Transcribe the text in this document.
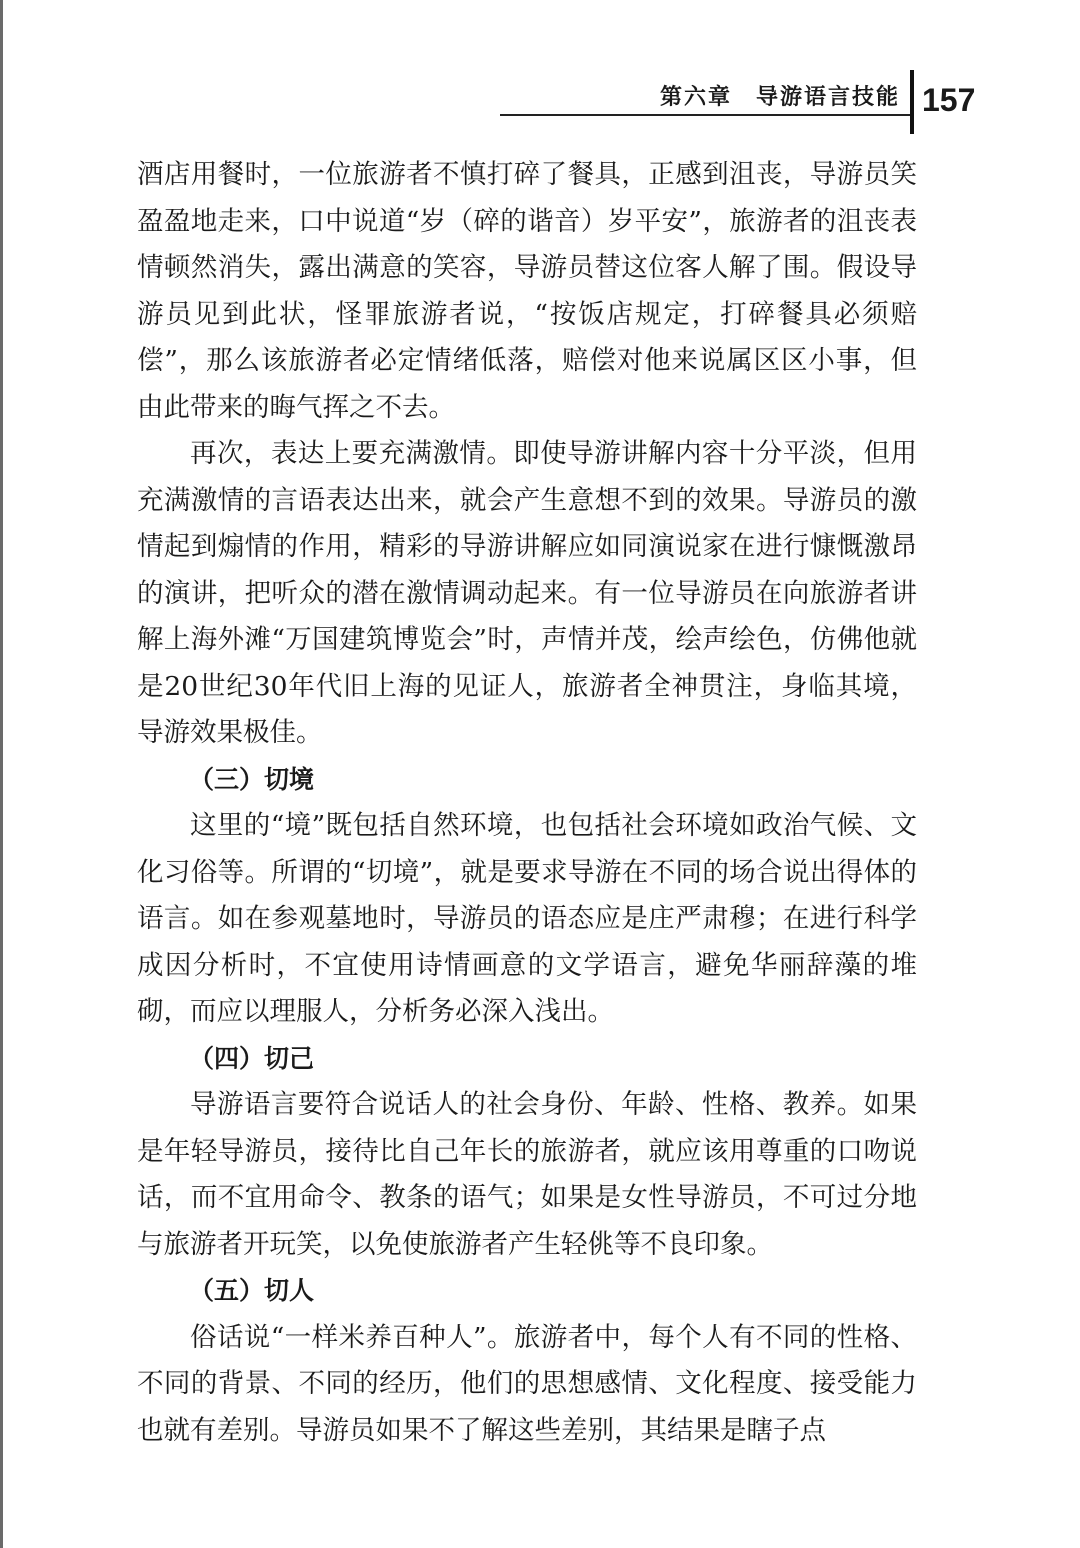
第六章　导游语言技能 157

酒店用餐时，一位旅游者不慎打碎了餐具，正感到沮丧，导游员笑盈盈地走来，口中说道“岁（碎的谐音）岁平安”，旅游者的沮丧表情顿然消失，露出满意的笑容，导游员替这位客人解了围。假设导游员见到此状，怪罪旅游者说，“按饭店规定，打碎餐具必须赔偿”，那么该旅游者必定情绪低落，赔偿对他来说属区区小事，但由此带来的晦气挥之不去。

再次，表达上要充满激情。即使导游讲解内容十分平淡，但用充满激情的言语表达出来，就会产生意想不到的效果。导游员的激情起到煽情的作用，精彩的导游讲解应如同演说家在进行慷慨激昂的演讲，把听众的潜在激情调动起来。有一位导游员在向旅游者讲解上海外滩“万国建筑博览会”时，声情并茂，绘声绘色，仿佛他就是20世纪30年代旧上海的见证人，旅游者全神贯注，身临其境，导游效果极佳。

（三）切境

这里的“境”既包括自然环境，也包括社会环境如政治气候、文化习俗等。所谓的“切境”，就是要求导游在不同的场合说出得体的语言。如在参观墓地时，导游员的语态应是庄严肃穆；在进行科学成因分析时，不宜使用诗情画意的文学语言，避免华丽辞藻的堆砌，而应以理服人，分析务必深入浅出。

（四）切己

导游语言要符合说话人的社会身份、年龄、性格、教养。如果是年轻导游员，接待比自己年长的旅游者，就应该用尊重的口吻说话，而不宜用命令、教条的语气；如果是女性导游员，不可过分地与旅游者开玩笑，以免使旅游者产生轻佻等不良印象。

（五）切人

俗话说“一样米养百种人”。旅游者中，每个人有不同的性格、不同的背景、不同的经历，他们的思想感情、文化程度、接受能力也就有差别。导游员如果不了解这些差别，其结果是瞎子点
